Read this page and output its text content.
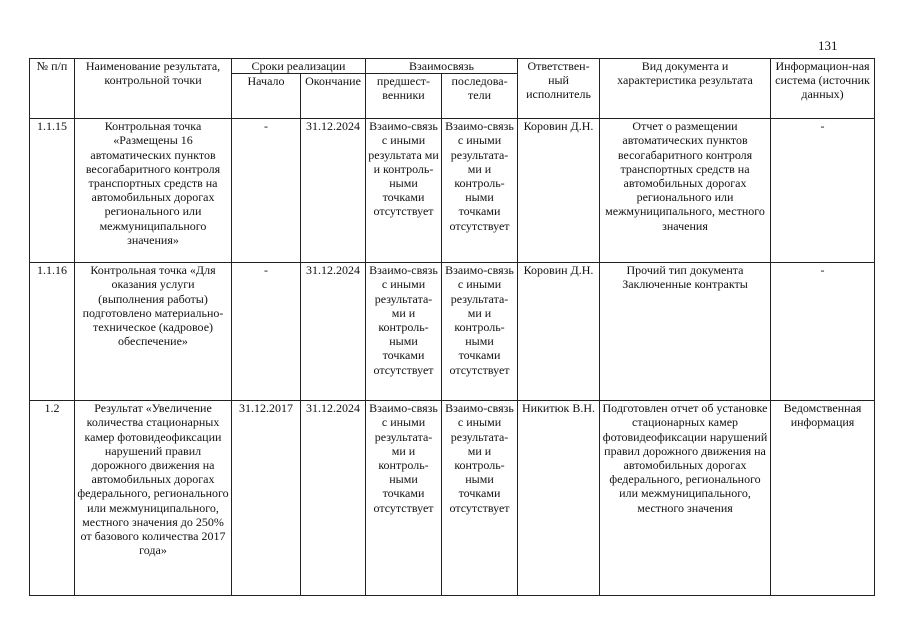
131
№ п/п	Наименование результата, контрольной точки	Сроки реализации		Взаимосвязь		Ответствен-ный исполнитель	Вид документа и характеристика результата	Информацион-ная система (источник данных)
		Начало	Окончание	предшест-венники	последова-тели			
1.1.15	Контрольная точка «Размещены 16 автоматических пунктов весогабаритного контроля транспортных средств на автомобильных дорогах регионального или межмуниципального значения»	-	31.12.2024	Взаимо-связь с иными результата ми и контроль-ными точками отсутствует	Взаимо-связь с иными результата-ми и контроль-ными точками отсутствует	Коровин Д.Н.	Отчет о размещении автоматических пунктов весогабаритного контроля транспортных средств на автомобильных дорогах регионального или межмуниципального, местного значения	-
1.1.16	Контрольная точка «Для оказания услуги (выполнения работы) подготовлено материально-техническое (кадровое) обеспечение»	-	31.12.2024	Взаимо-связь с иными результата-ми и контроль-ными точками отсутствует	Взаимо-связь с иными результата-ми и контроль-ными точками отсутствует	Коровин Д.Н.	Прочий тип документа Заключенные контракты	-
1.2	Результат «Увеличение количества стационарных камер фотовидеофиксации нарушений правил дорожного движения на автомобильных дорогах федерального, регионального или межмуниципального, местного значения до 250% от базового количества 2017 года»	31.12.2017	31.12.2024	Взаимо-связь с иными результата-ми и контроль-ными точками отсутствует	Взаимо-связь с иными результата-ми и контроль-ными точками отсутствует	Никитюк В.Н.	Подготовлен отчет об установке стационарных камер фотовидеофиксации нарушений правил дорожного движения на автомобильных дорогах федерального, регионального или межмуниципального, местного значения	Ведомственная информация
